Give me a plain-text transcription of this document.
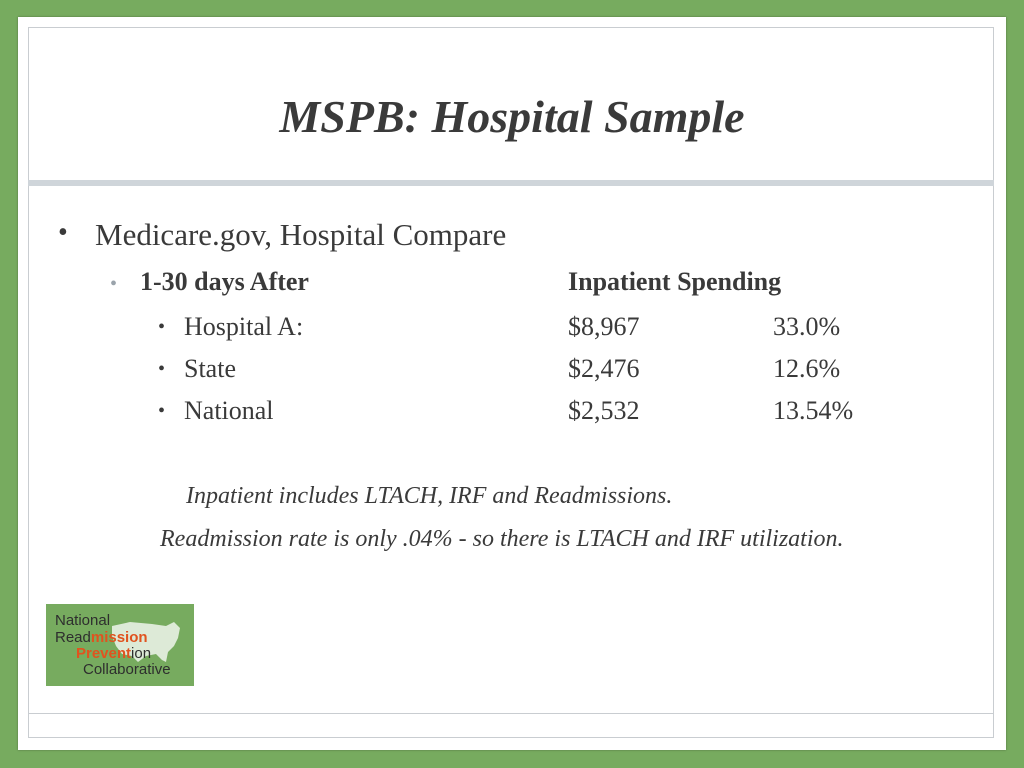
MSPB: Hospital Sample
• Medicare.gov, Hospital Compare
• 1-30 days After	Inpatient Spending
• Hospital A:	$8,967	33.0%
• State	$2,476	12.6%
• National	$2,532	13.54%
Inpatient includes LTACH, IRF and Readmissions.
Readmission rate is only .04% - so there is LTACH and IRF utilization.
National
Readmission
Prevention
Collaborative
